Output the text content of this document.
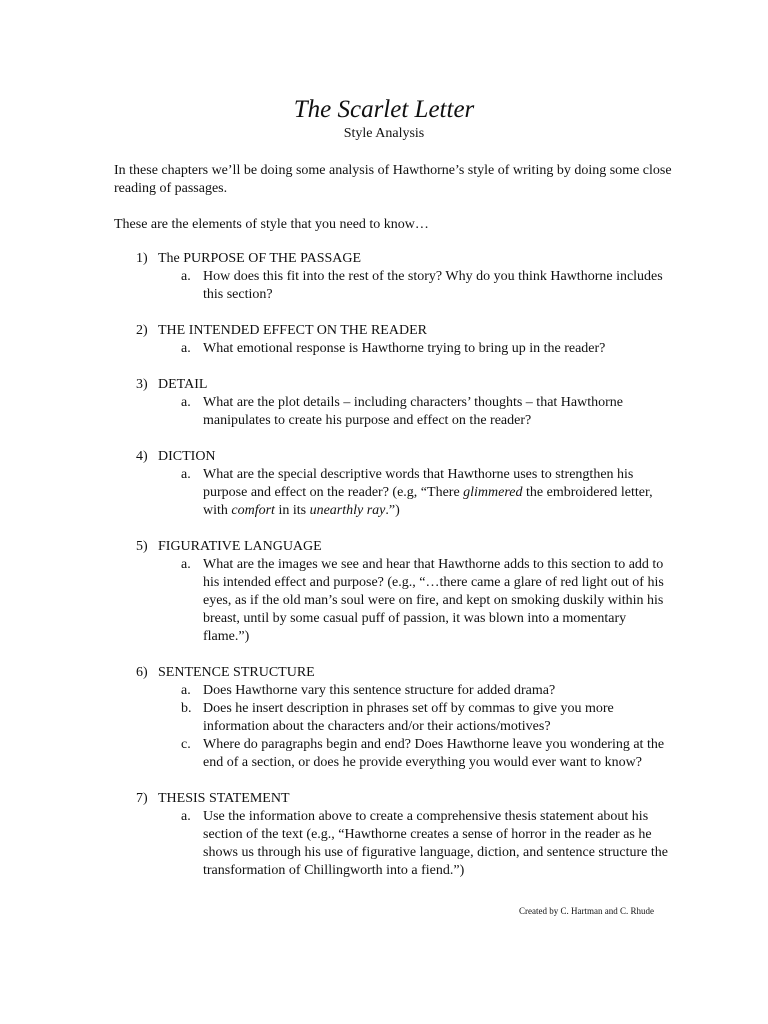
The Scarlet Letter
Style Analysis
In these chapters we’ll be doing some analysis of Hawthorne’s style of writing by doing some close reading of passages.
These are the elements of style that you need to know…
1) The PURPOSE OF THE PASSAGE
a. How does this fit into the rest of the story? Why do you think Hawthorne includes this section?
2) THE INTENDED EFFECT ON THE READER
a. What emotional response is Hawthorne trying to bring up in the reader?
3) DETAIL
a. What are the plot details – including characters’ thoughts – that Hawthorne manipulates to create his purpose and effect on the reader?
4) DICTION
a. What are the special descriptive words that Hawthorne uses to strengthen his purpose and effect on the reader? (e.g, “There glimmered the embroidered letter, with comfort in its unearthly ray.”)
5) FIGURATIVE LANGUAGE
a. What are the images we see and hear that Hawthorne adds to this section to add to his intended effect and purpose? (e.g., “…there came a glare of red light out of his eyes, as if the old man’s soul were on fire, and kept on smoking duskily within his breast, until by some casual puff of passion, it was blown into a momentary flame.”)
6) SENTENCE STRUCTURE
a. Does Hawthorne vary this sentence structure for added drama?
b. Does he insert description in phrases set off by commas to give you more information about the characters and/or their actions/motives?
c. Where do paragraphs begin and end? Does Hawthorne leave you wondering at the end of a section, or does he provide everything you would ever want to know?
7) THESIS STATEMENT
a. Use the information above to create a comprehensive thesis statement about his section of the text (e.g., “Hawthorne creates a sense of horror in the reader as he shows us through his use of figurative language, diction, and sentence structure the transformation of Chillingworth into a fiend.”)
Created by C. Hartman and C. Rhude
